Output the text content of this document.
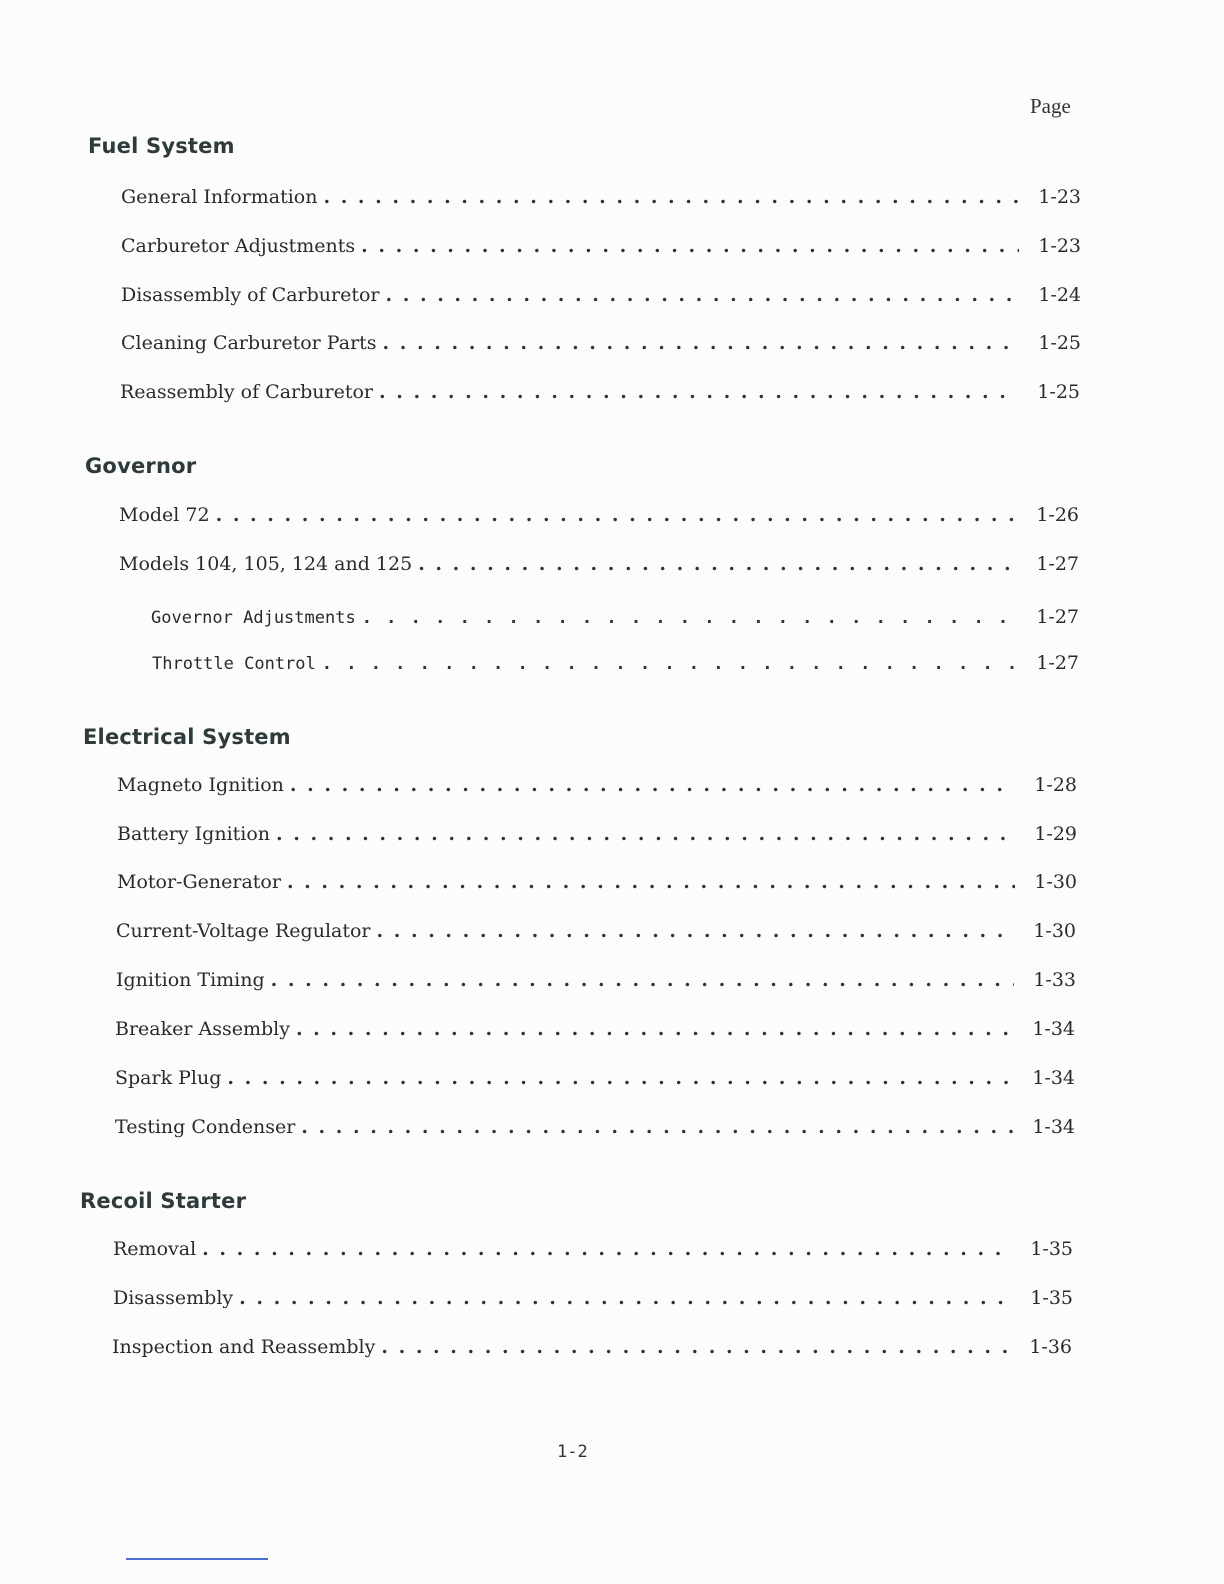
Page
Fuel System
General Information . . .	1-23
Carburetor Adjustments . . .	1-23
Disassembly of Carburetor . . .	1-24
Cleaning Carburetor Parts . . .	1-25
Reassembly of Carburetor . . .	1-25
Governor
Model 72 . . .	1-26
Models 104, 105, 124 and 125 . . .	1-27
Governor Adjustments . . .	1-27
Throttle Control . . .	1-27
Electrical System
Magneto Ignition . . .	1-28
Battery Ignition . . .	1-29
Motor-Generator . . .	1-30
Current-Voltage Regulator . . .	1-30
Ignition Timing . . .	1-33
Breaker Assembly . . .	1-34
Spark Plug . . .	1-34
Testing Condenser . . .	1-34
Recoil Starter
Removal . . .	1-35
Disassembly . . .	1-35
Inspection and Reassembly . . .	1-36
1-2
